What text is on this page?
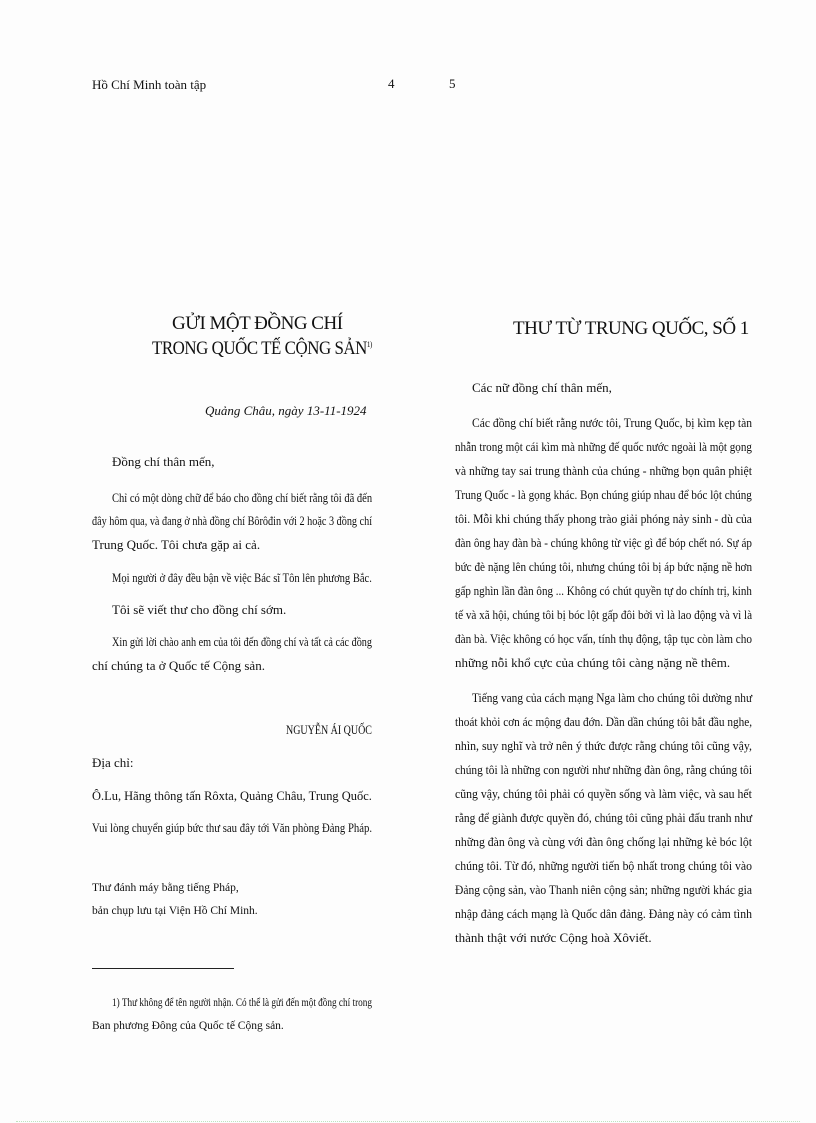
Hồ Chí Minh toàn tập	4	5
GỬI MỘT ĐỒNG CHÍ
TRONG QUỐC TẾ CỘNG SẢN$^{1)}$
Quảng Châu, ngày 13-11-1924
Đồng chí thân mến,
Chỉ có một dòng chữ để báo cho đồng chí biết rằng tôi đã đến
đây hôm qua, và đang ở nhà đồng chí Bôrôđin với 2 hoặc 3 đồng chí
Trung Quốc. Tôi chưa gặp ai cả.
Mọi người ở đây đều bận về việc Bác sĩ Tôn lên phương Bắc.
Tôi sẽ viết thư cho đồng chí sớm.
Xin gửi lời chào anh em của tôi đến đồng chí và tất cả các đồng
chí chúng ta ở Quốc tế Cộng sản.
NGUYỄN ÁI QUỐC
Địa chỉ:
Ô.Lu, Hãng thông tấn Rôxta, Quảng Châu, Trung Quốc.
Vui lòng chuyển giúp bức thư sau đây tới Văn phòng Đảng Pháp.
Thư đánh máy bằng tiếng Pháp,
bản chụp lưu tại Viện Hồ Chí Minh.
1) Thư không để tên người nhận. Có thể là gửi đến một đồng chí trong
Ban phương Đông của Quốc tế Cộng sản.
THƯ TỪ TRUNG QUỐC, SỐ 1
Các nữ đồng chí thân mến,
Các đồng chí biết rằng nước tôi, Trung Quốc, bị kìm kẹp tàn
nhẫn trong một cái kìm mà những đế quốc nước ngoài là một gọng
và những tay sai trung thành của chúng - những bọn quân phiệt
Trung Quốc - là gọng khác. Bọn chúng giúp nhau để bóc lột chúng
tôi. Mỗi khi chúng thấy phong trào giải phóng nảy sinh - dù của
đàn ông hay đàn bà - chúng không từ việc gì để bóp chết nó. Sự áp
bức đè nặng lên chúng tôi, nhưng chúng tôi bị áp bức nặng nề hơn
gấp nghìn lần đàn ông ... Không có chút quyền tự do chính trị, kinh
tế và xã hội, chúng tôi bị bóc lột gấp đôi bởi vì là lao động và vì là
đàn bà. Việc không có học vấn, tính thụ động, tập tục còn làm cho
những nỗi khổ cực của chúng tôi càng nặng nề thêm.
Tiếng vang của cách mạng Nga làm cho chúng tôi dường như
thoát khỏi cơn ác mộng đau đớn. Dần dần chúng tôi bắt đầu nghe,
nhìn, suy nghĩ và trở nên ý thức được rằng chúng tôi cũng vậy,
chúng tôi là những con người như những đàn ông, rằng chúng tôi
cũng vậy, chúng tôi phải có quyền sống và làm việc, và sau hết
rằng để giành được quyền đó, chúng tôi cũng phải đấu tranh như
những đàn ông và cùng với đàn ông chống lại những kẻ bóc lột
chúng tôi. Từ đó, những người tiến bộ nhất trong chúng tôi vào
Đảng cộng sản, vào Thanh niên cộng sản; những người khác gia
nhập đảng cách mạng là Quốc dân đảng. Đảng này có cảm tình
thành thật với nước Cộng hoà Xôviết.
